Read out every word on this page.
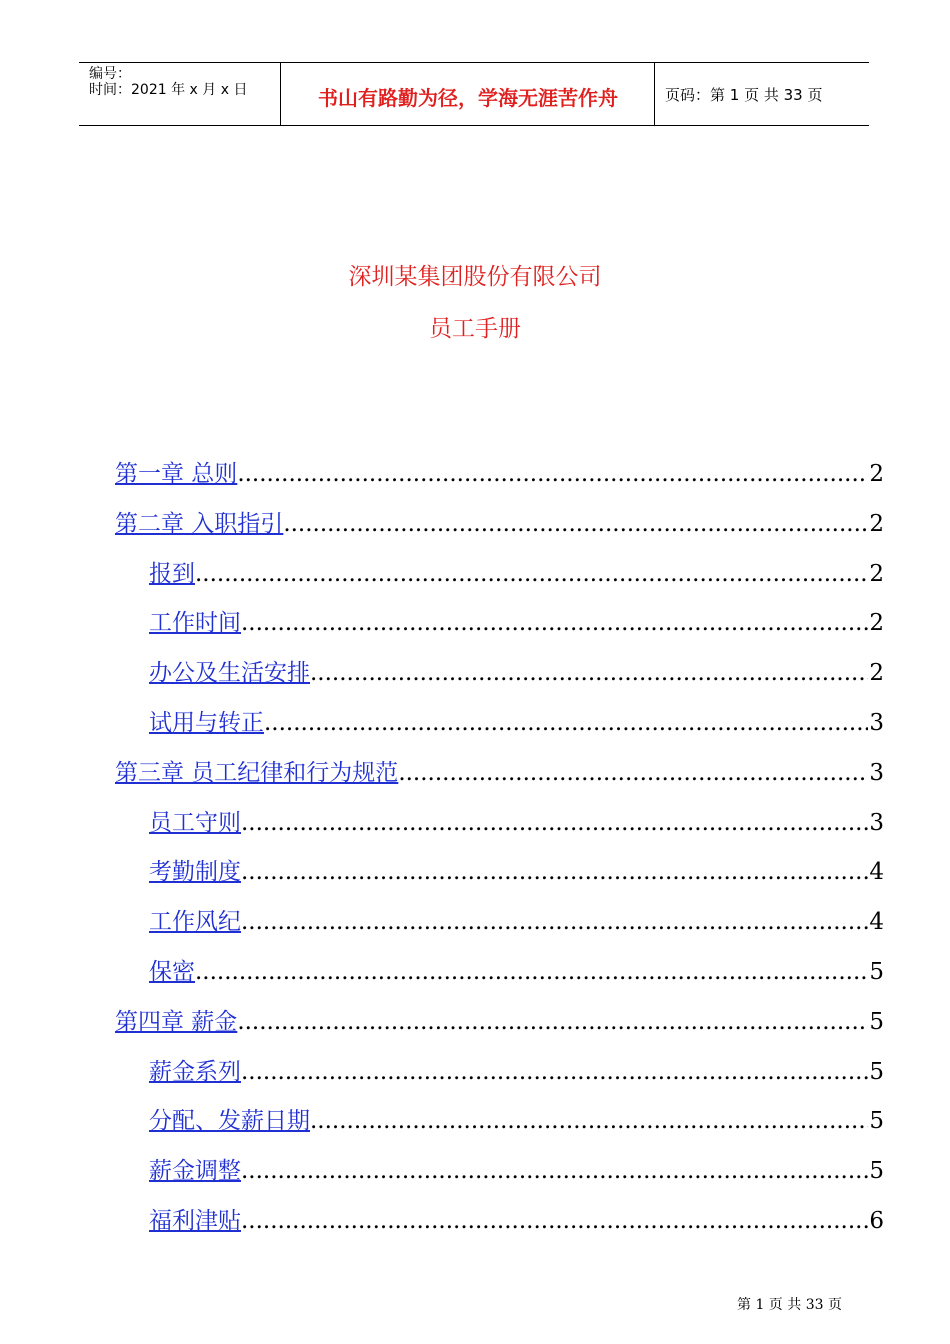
编号：
时间：2021 年 x 月 x 日	书山有路勤为径，学海无涯苦作舟	页码：第 1 页 共 33 页
深圳某集团股份有限公司
员工手册
第一章 总则 .....	2
第二章 入职指引 .....	2
报到 .....	2
工作时间 .....	2
办公及生活安排 .....	2
试用与转正 .....	3
第三章 员工纪律和行为规范 .....	3
员工守则 .....	3
考勤制度 .....	4
工作风纪 .....	4
保密 .....	5
第四章 薪金 .....	5
薪金系列 .....	5
分配、发薪日期 .....	5
薪金调整 .....	5
福利津贴 .....	6
第 1 页 共 33 页
